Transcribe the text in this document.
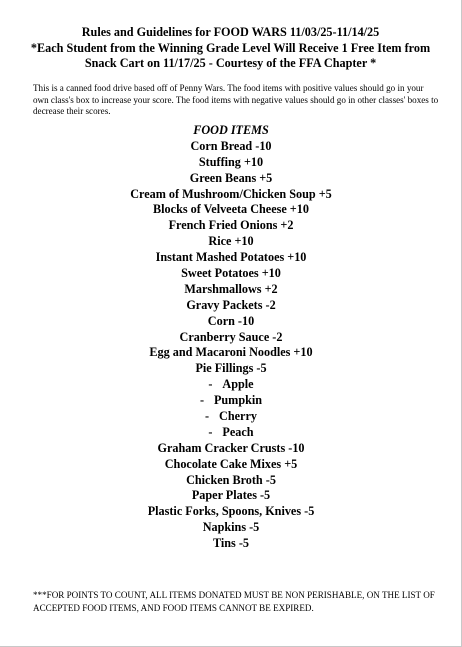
Rules and Guidelines for FOOD WARS 11/03/25-11/14/25
*Each Student from the Winning Grade Level Will Receive 1 Free Item from
Snack Cart on 11/17/25 - Courtesy of the FFA Chapter *

This is a canned food drive based off of Penny Wars. The food items with positive values should go in your own class's box to increase your score. The food items with negative values should go in other classes' boxes to decrease their scores.

FOOD ITEMS
Corn Bread -10
Stuffing +10
Green Beans +5
Cream of Mushroom/Chicken Soup +5
Blocks of Velveeta Cheese +10
French Fried Onions +2
Rice +10
Instant Mashed Potatoes +10
Sweet Potatoes +10
Marshmallows +2
Gravy Packets -2
Corn -10
Cranberry Sauce -2
Egg and Macaroni Noodles +10
Pie Fillings -5
- Apple
- Pumpkin
- Cherry
- Peach
Graham Cracker Crusts -10
Chocolate Cake Mixes +5
Chicken Broth -5
Paper Plates -5
Plastic Forks, Spoons, Knives -5
Napkins -5
Tins -5

***FOR POINTS TO COUNT, ALL ITEMS DONATED MUST BE NON PERISHABLE, ON THE LIST OF ACCEPTED FOOD ITEMS, AND FOOD ITEMS CANNOT BE EXPIRED.
